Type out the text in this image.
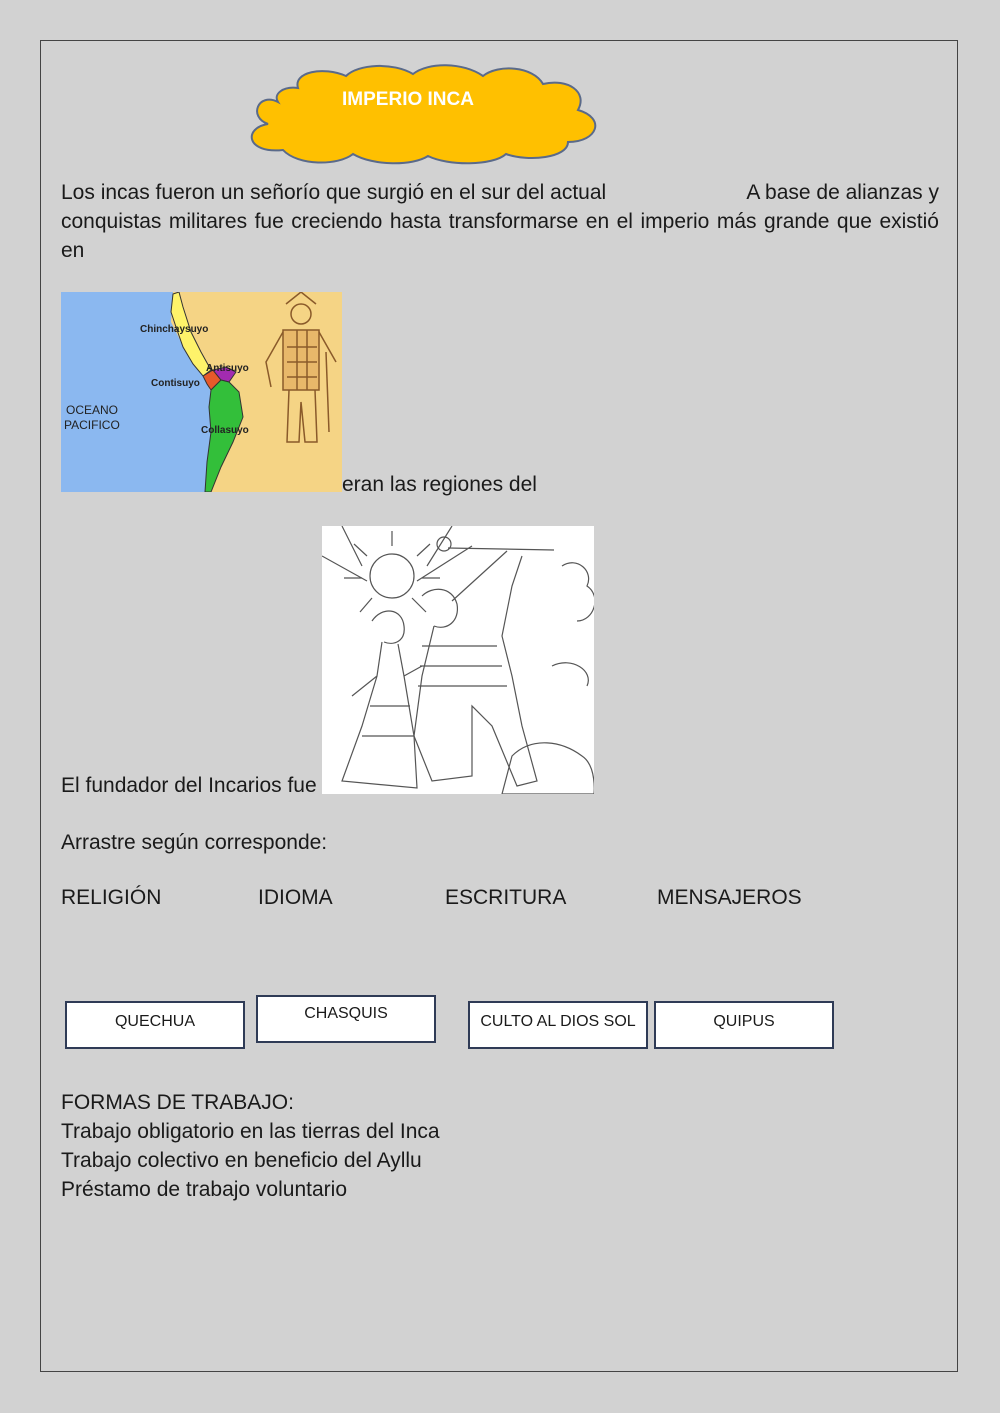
IMPERIO INCA
Los incas fueron un señorío que surgió en el sur del actual	A base de alianzas y
conquistas militares fue creciendo hasta transformarse en el imperio más grande que existió
en
Chinchaysuyo
Antisuyo
Contisuyo
Collasuyo
OCEANO
PACIFICO
eran las regiones del
El fundador del Incarios fue
Arrastre según corresponde:
RELIGIÓN	IDIOMA	ESCRITURA	MENSAJEROS
QUECHUA	CHASQUIS	CULTO AL DIOS SOL	QUIPUS
FORMAS DE TRABAJO:
Trabajo obligatorio en las tierras del Inca
Trabajo colectivo en beneficio del Ayllu
Préstamo de trabajo voluntario
